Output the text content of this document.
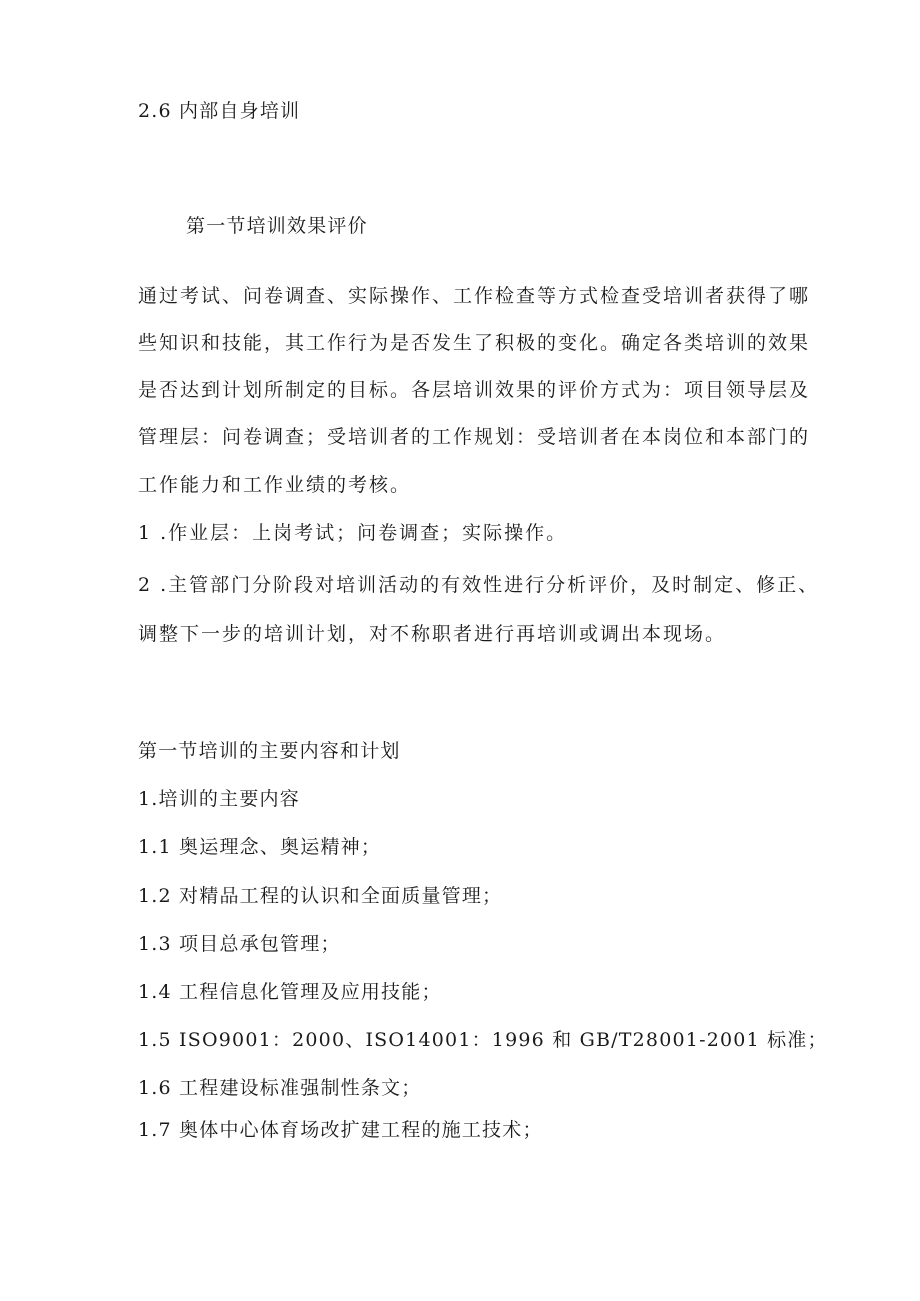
2.6 内部自身培训
第一节培训效果评价
通过考试、问卷调查、实际操作、工作检查等方式检查受培训者获得了哪
些知识和技能，其工作行为是否发生了积极的变化。确定各类培训的效果
是否达到计划所制定的目标。各层培训效果的评价方式为：项目领导层及
管理层：问卷调查；受培训者的工作规划：受培训者在本岗位和本部门的
工作能力和工作业绩的考核。
1 .作业层：上岗考试；问卷调查；实际操作。
2 .主管部门分阶段对培训活动的有效性进行分析评价，及时制定、修正、
调整下一步的培训计划，对不称职者进行再培训或调出本现场。
第一节培训的主要内容和计划
1.培训的主要内容
1.1 奥运理念、奥运精神；
1.2 对精品工程的认识和全面质量管理；
1.3 项目总承包管理；
1.4 工程信息化管理及应用技能；
1.5 ISO9001：2000、ISO14001：1996 和 GB/T28001-2001 标准；
1.6 工程建设标准强制性条文；
1.7 奥体中心体育场改扩建工程的施工技术；
